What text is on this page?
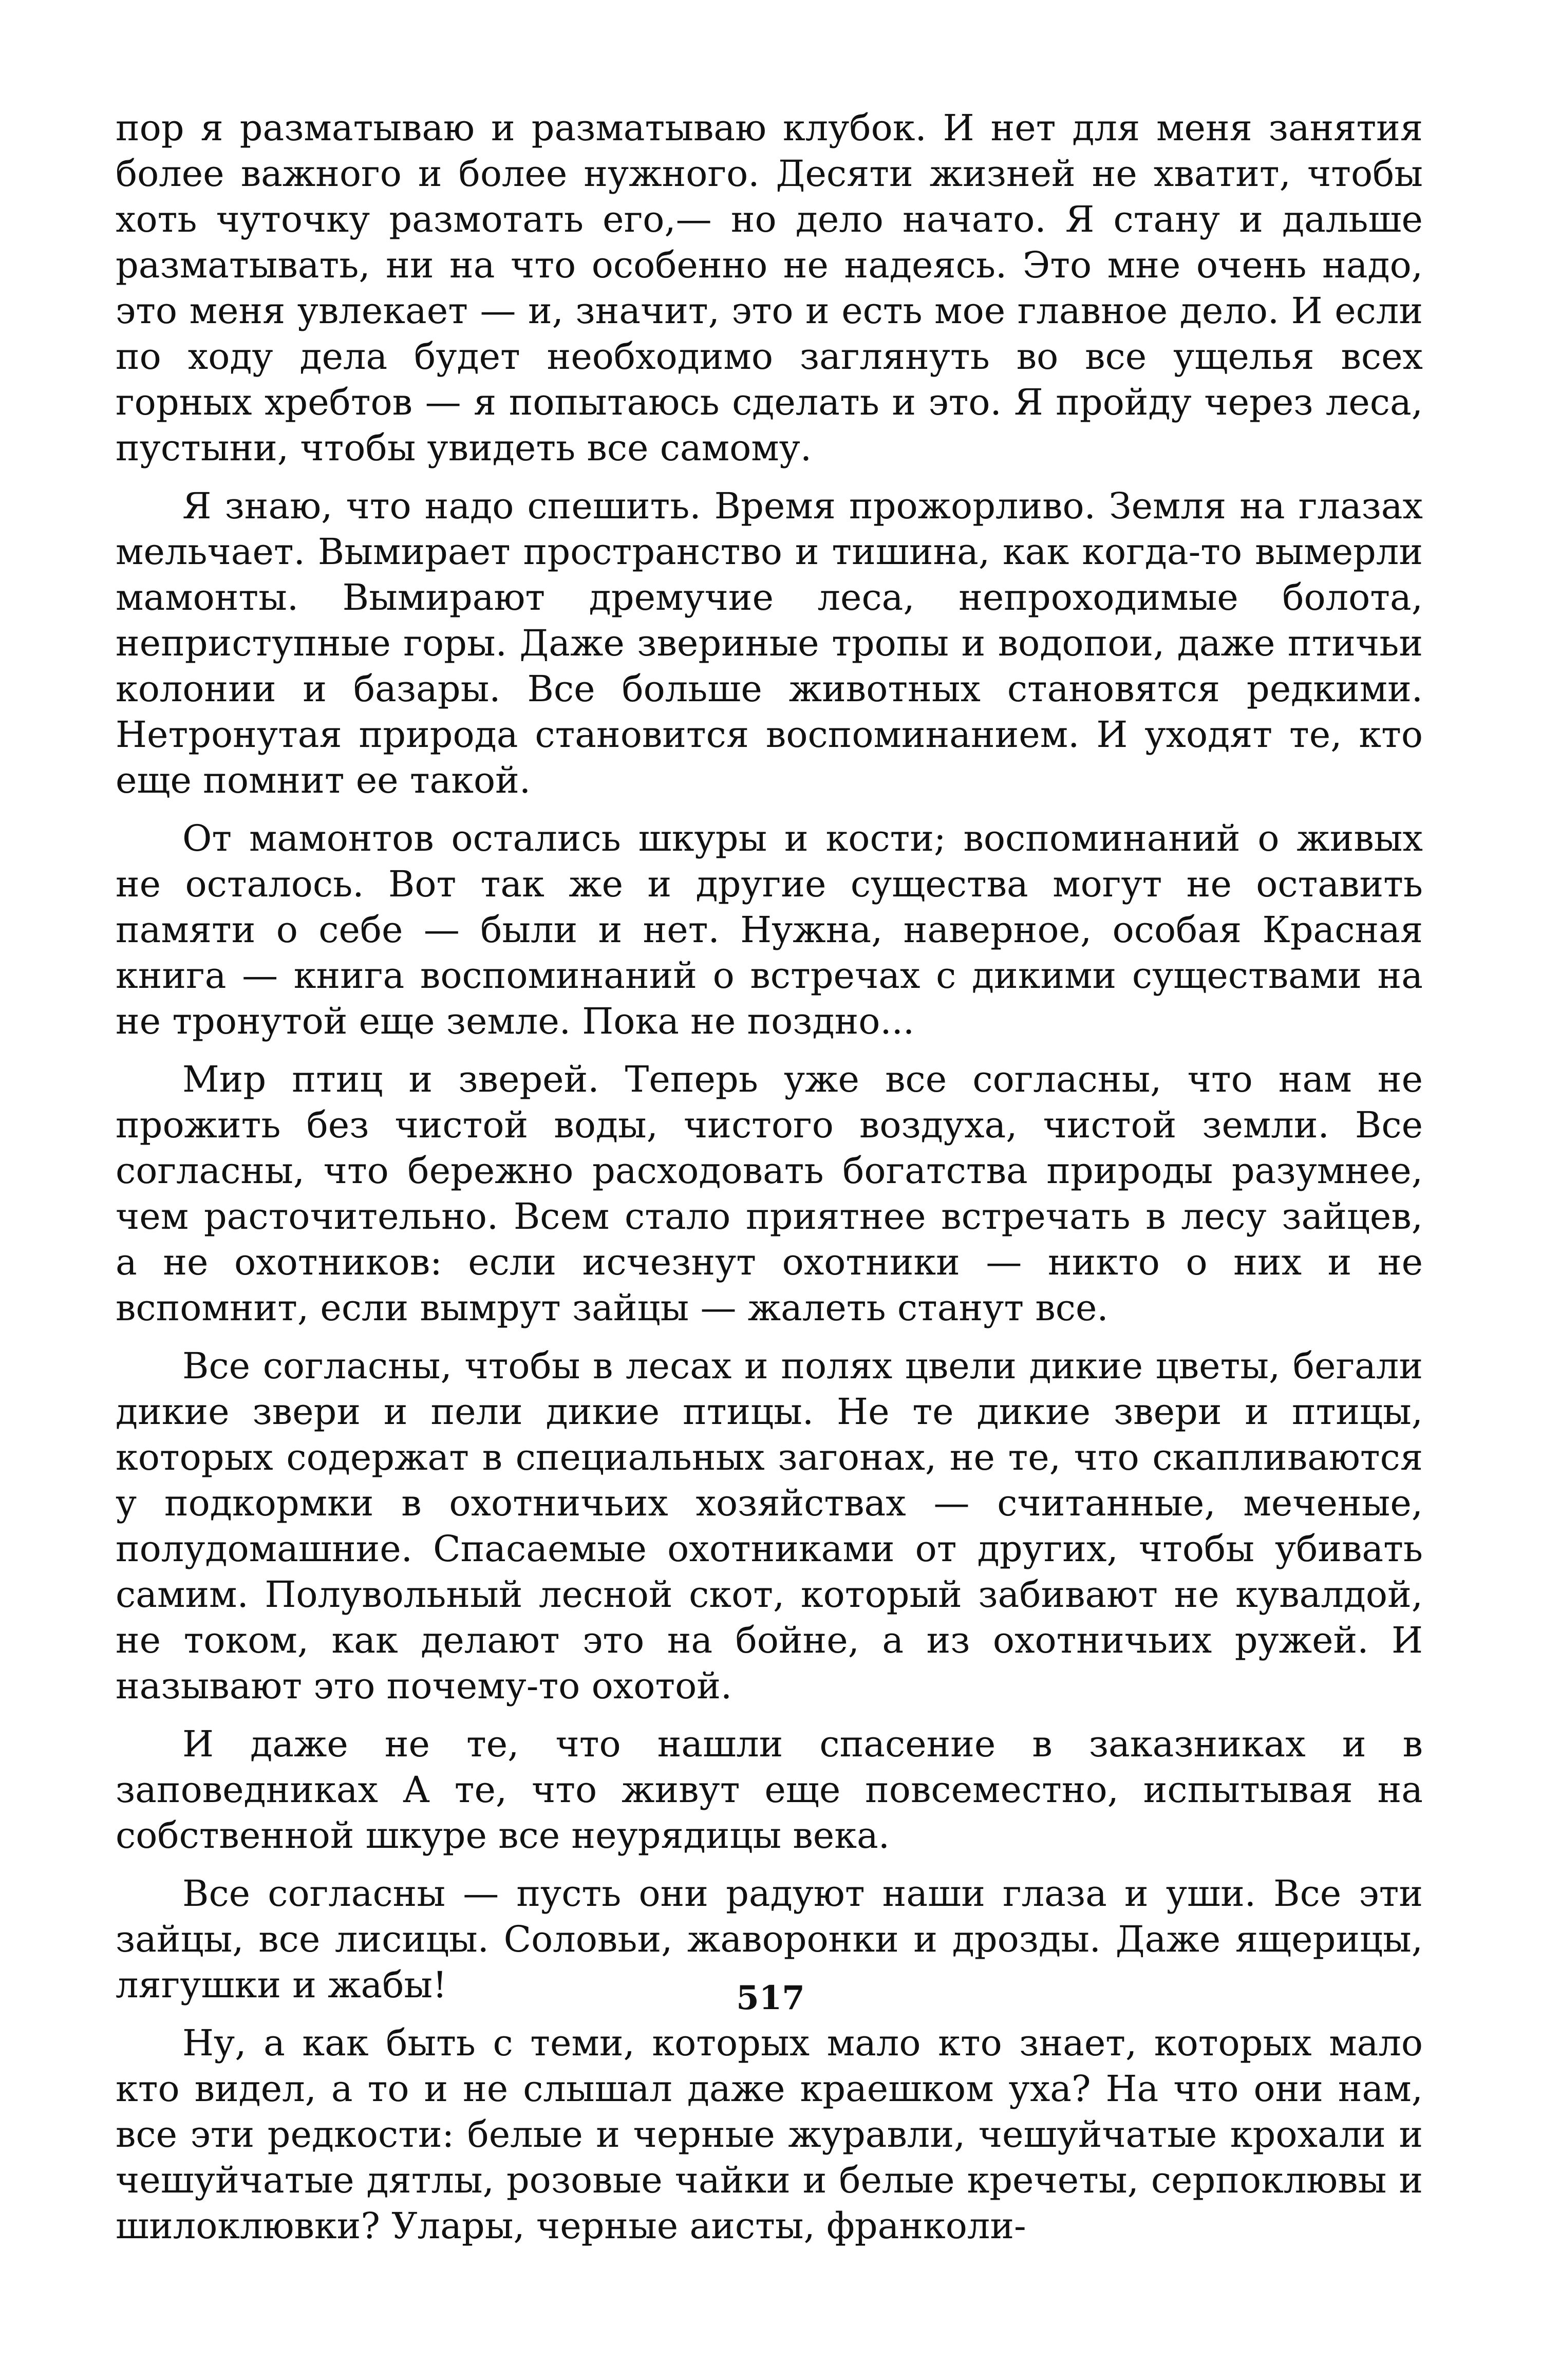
пор я разматываю и разматываю клубок. И нет для меня занятия более важного и более нужного. Десяти жизней не хватит, чтобы хоть чуточку размотать его,— но дело начато. Я стану и дальше разматывать, ни на что особенно не надеясь. Это мне очень надо, это меня увлекает — и, значит, это и есть мое главное дело. И если по ходу дела будет необходимо заглянуть во все ущелья всех горных хребтов — я попытаюсь сделать и это. Я пройду через леса, пустыни, чтобы увидеть все самому.

Я знаю, что надо спешить. Время прожорливо. Земля на глазах мельчает. Вымирает пространство и тишина, как когда-то вымерли мамонты. Вымирают дремучие леса, непроходимые болота, неприступные горы. Даже звериные тропы и водопои, даже птичьи колонии и базары. Все больше животных становятся редкими. Нетронутая природа становится воспоминанием. И уходят те, кто еще помнит ее такой.

От мамонтов остались шкуры и кости; воспоминаний о живых не осталось. Вот так же и другие существа могут не оставить памяти о себе — были и нет. Нужна, наверное, особая Красная книга — книга воспоминаний о встречах с дикими существами на не тронутой еще земле. Пока не поздно...

Мир птиц и зверей. Теперь уже все согласны, что нам не прожить без чистой воды, чистого воздуха, чистой земли. Все согласны, что бережно расходовать богатства природы разумнее, чем расточительно. Всем стало приятнее встречать в лесу зайцев, а не охотников: если исчезнут охотники — никто о них и не вспомнит, если вымрут зайцы — жалеть станут все.

Все согласны, чтобы в лесах и полях цвели дикие цветы, бегали дикие звери и пели дикие птицы. Не те дикие звери и птицы, которых содержат в специальных загонах, не те, что скапливаются у подкормки в охотничьих хозяйствах — считанные, меченые, полудомашние. Спасаемые охотниками от других, чтобы убивать самим. Полувольный лесной скот, который забивают не кувалдой, не током, как делают это на бойне, а из охотничьих ружей. И называют это почему-то охотой.

И даже не те, что нашли спасение в заказниках и в заповедниках А те, что живут еще повсеместно, испытывая на собственной шкуре все неурядицы века.

Все согласны — пусть они радуют наши глаза и уши. Все эти зайцы, все лисицы. Соловьи, жаворонки и дрозды. Даже ящерицы, лягушки и жабы!

Ну, а как быть с теми, которых мало кто знает, которых мало кто видел, а то и не слышал даже краешком уха? На что они нам, все эти редкости: белые и черные журавли, чешуйчатые крохали и чешуйчатые дятлы, розовые чайки и белые кречеты, серпоклювы и шилоклювки? Улары, черные аисты, франколи-

517
